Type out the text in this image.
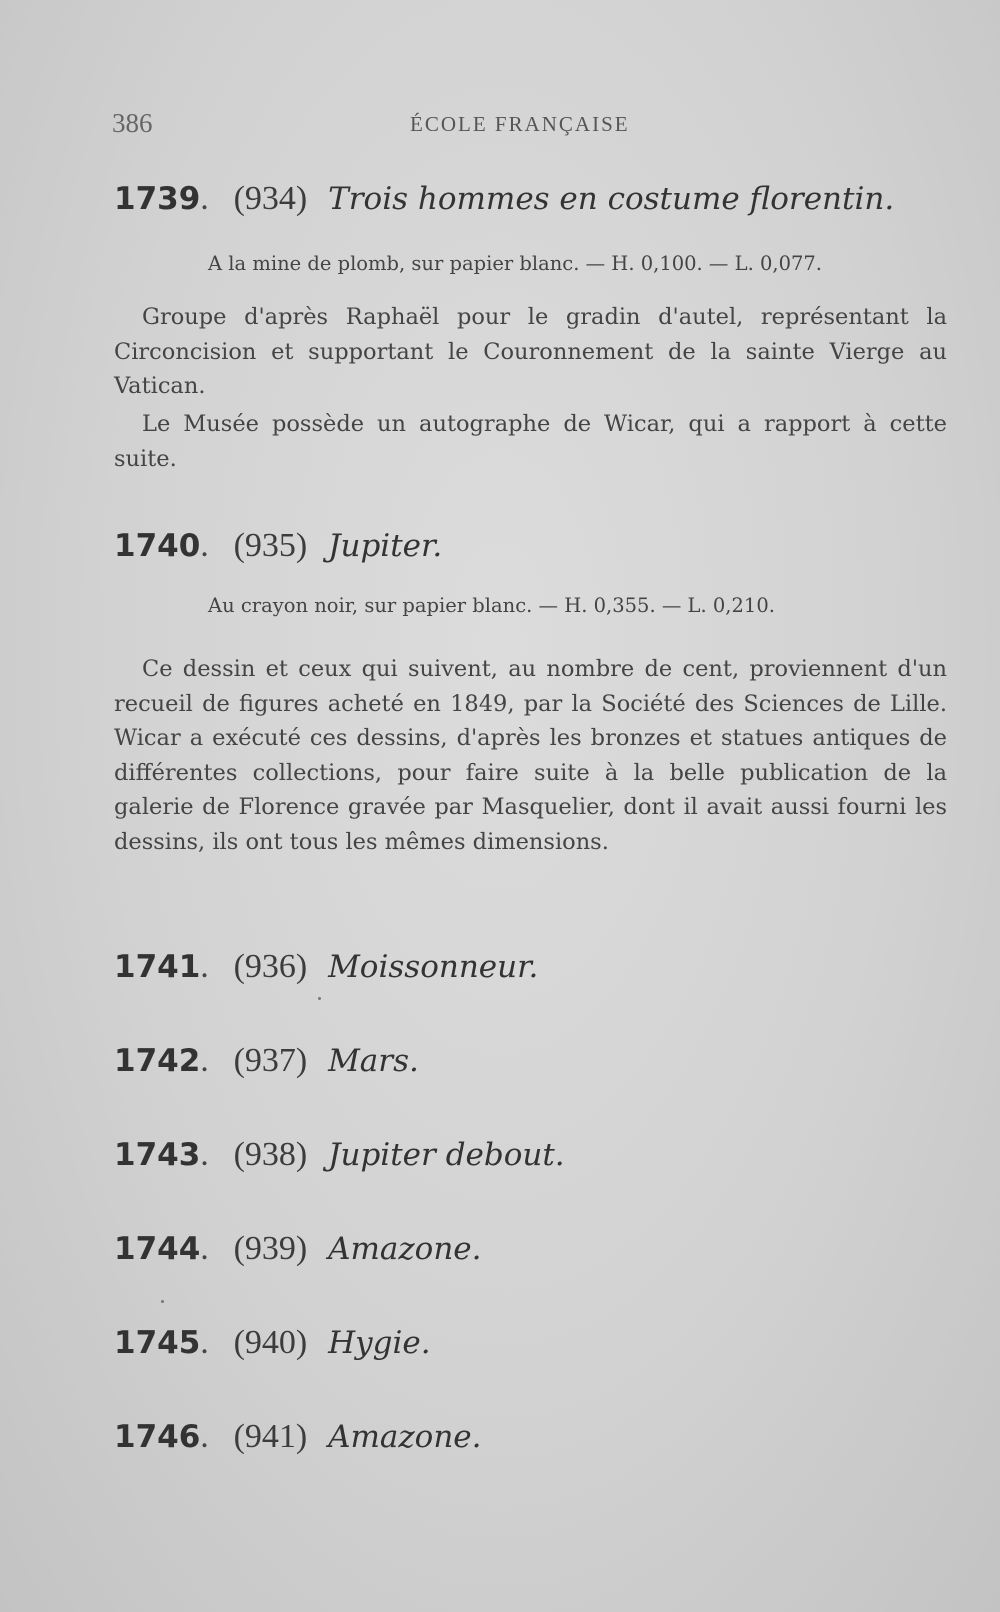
386	ÉCOLE FRANÇAISE
1739. (934) Trois hommes en costume florentin.
A la mine de plomb, sur papier blanc. — H. 0,100. — L. 0,077.

Groupe d'après Raphaël pour le gradin d'autel, représentant la Circoncision et supportant le Couronnement de la sainte Vierge au Vatican.

Le Musée possède un autographe de Wicar, qui a rapport à cette suite.

1740. (935) Jupiter.
Au crayon noir, sur papier blanc. — H. 0,355. — L. 0,210.

Ce dessin et ceux qui suivent, au nombre de cent, proviennent d'un recueil de figures acheté en 1849, par la Société des Sciences de Lille. Wicar a exécuté ces dessins, d'après les bronzes et statues antiques de différentes collections, pour faire suite à la belle publication de la galerie de Florence gravée par Masquelier, dont il avait aussi fourni les dessins, ils ont tous les mêmes dimensions.

1741. (936) Moissonneur.
1742. (937) Mars.
1743. (938) Jupiter debout.
1744. (939) Amazone.
1745. (940) Hygie.
1746. (941) Amazone.
